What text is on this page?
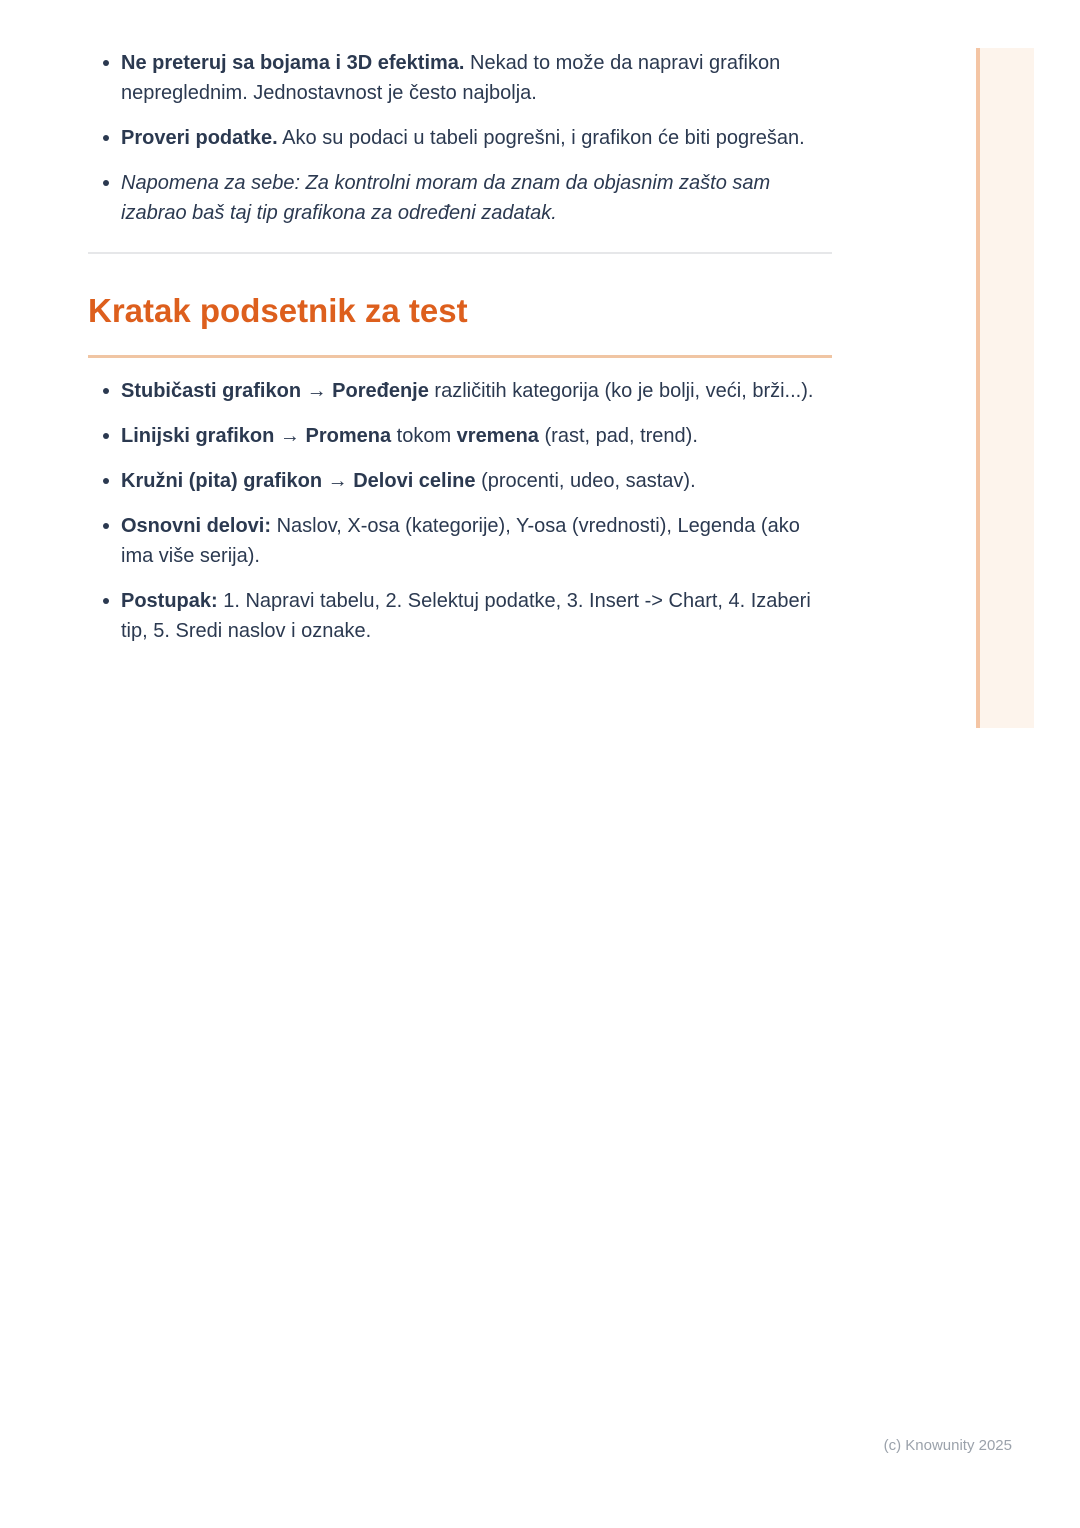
Ne preteruj sa bojama i 3D efektima. Nekad to može da napravi grafikon nepreglednim. Jednostavnost je često najbolja.
Proveri podatke. Ako su podaci u tabeli pogrešni, i grafikon će biti pogrešan.
Napomena za sebe: Za kontrolni moram da znam da objasnim zašto sam izabrao baš taj tip grafikona za određeni zadatak.
Kratak podsetnik za test
Stubičasti grafikon → Poređenje različitih kategorija (ko je bolji, veći, brži...).
Linijski grafikon → Promena tokom vremena (rast, pad, trend).
Kružni (pita) grafikon → Delovi celine (procenti, udeo, sastav).
Osnovni delovi: Naslov, X-osa (kategorije), Y-osa (vrednosti), Legenda (ako ima više serija).
Postupak: 1. Napravi tabelu, 2. Selektuj podatke, 3. Insert -> Chart, 4. Izaberi tip, 5. Sredi naslov i oznake.
(c) Knowunity 2025
